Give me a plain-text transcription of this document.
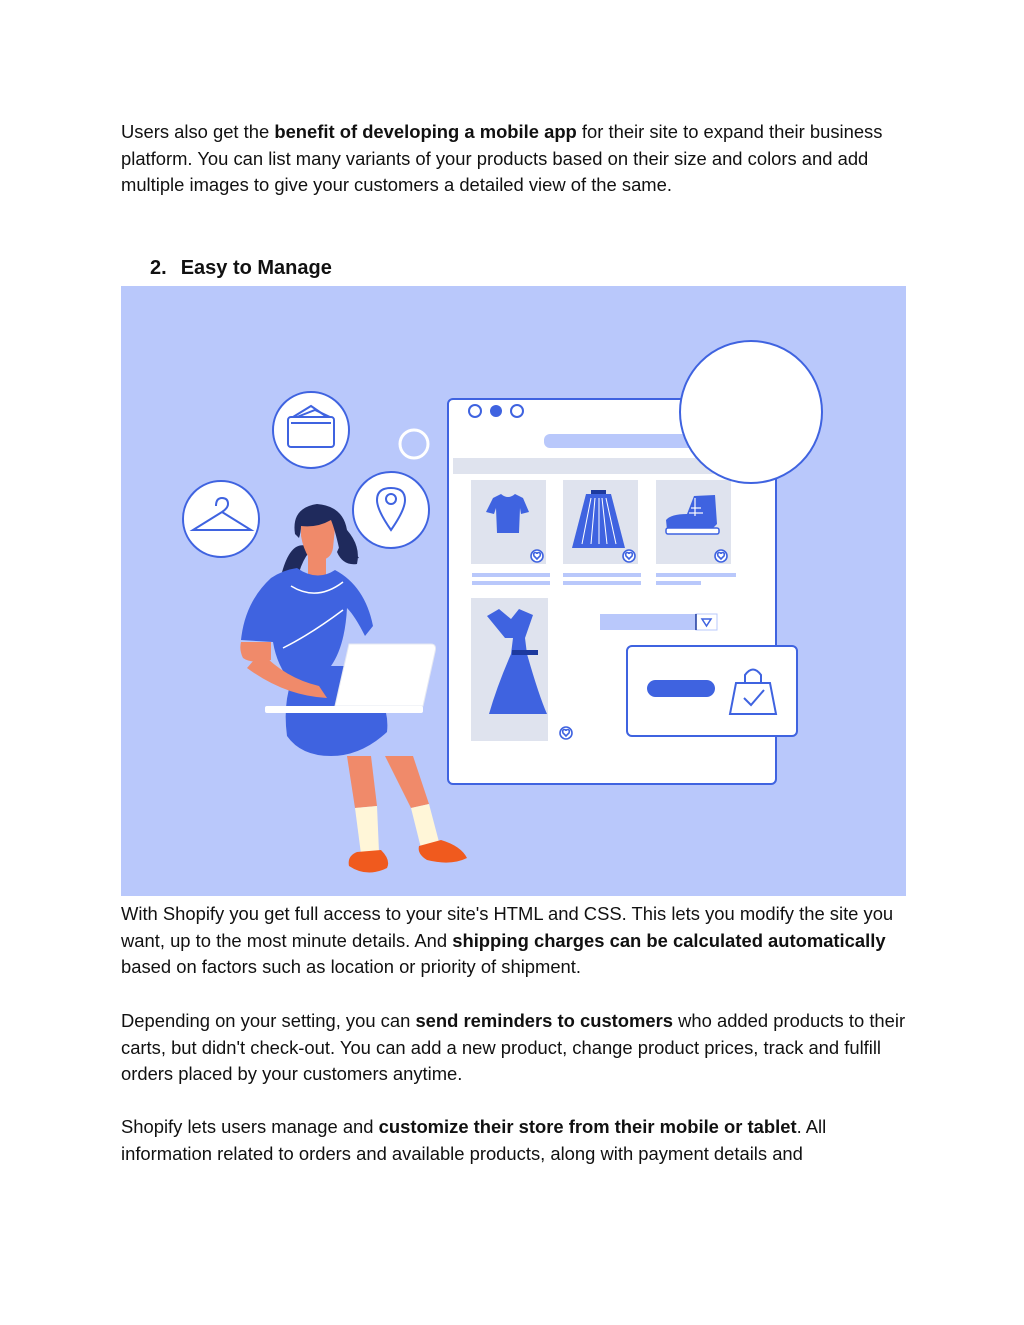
Users also get the benefit of developing a mobile app for their site to expand their business platform. You can list many variants of your products based on their size and colors and add multiple images to give your customers a detailed view of the same.

2. Easy to Manage

With Shopify you get full access to your site's HTML and CSS. This lets you modify the site you want, up to the most minute details. And shipping charges can be calculated automatically based on factors such as location or priority of shipment.

Depending on your setting, you can send reminders to customers who added products to their carts, but didn't check-out. You can add a new product, change product prices, track and fulfill orders placed by your customers anytime.

Shopify lets users manage and customize their store from their mobile or tablet. All information related to orders and available products, along with payment details and
